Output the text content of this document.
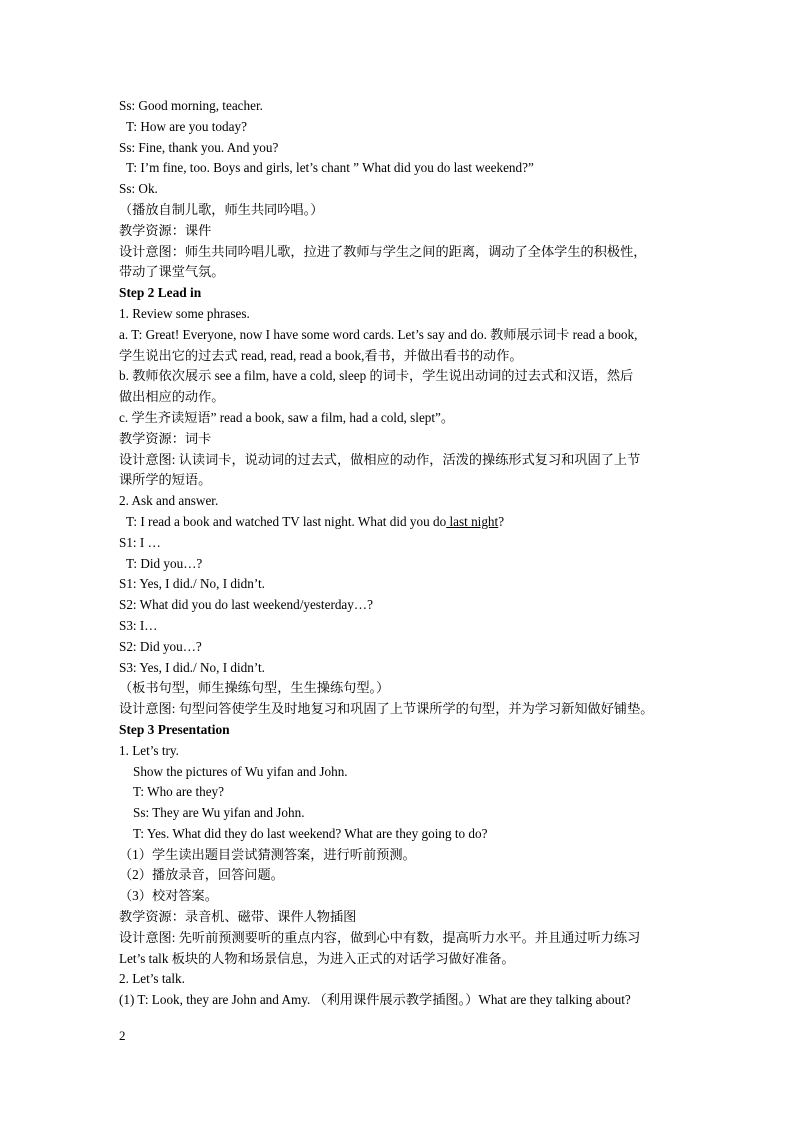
Ss: Good morning, teacher.
T: How are you today?
Ss: Fine, thank you. And you?
T: I’m fine, too. Boys and girls, let’s chant ” What did you do last weekend?”
Ss: Ok.
（播放自制儿歌，师生共同吟唱。）
教学资源：课件
设计意图：师生共同吟唱儿歌，拉进了教师与学生之间的距离，调动了全体学生的积极性，
带动了课堂气氛。
Step 2 Lead in
1. Review some phrases.
a. T: Great! Everyone, now I have some word cards. Let’s say and do. 教师展示词卡 read a book,
学生说出它的过去式 read, read, read a book,看书，并做出看书的动作。
b. 教师依次展示 see a film, have a cold, sleep 的词卡，学生说出动词的过去式和汉语，然后
做出相应的动作。
c. 学生齐读短语” read a book, saw a film, had a cold, slept”。
教学资源：词卡
设计意图: 认读词卡，说动词的过去式，做相应的动作，活泼的操练形式复习和巩固了上节
课所学的短语。
2. Ask and answer.
T: I read a book and watched TV last night. What did you do last night?
S1: I …
T: Did you…?
S1: Yes, I did./ No, I didn’t.
S2: What did you do last weekend/yesterday…?
S3: I…
S2: Did you…?
S3: Yes, I did./ No, I didn’t.
（板书句型，师生操练句型，生生操练句型。）
设计意图: 句型问答使学生及时地复习和巩固了上节课所学的句型，并为学习新知做好铺垫。
Step 3 Presentation
1. Let’s try.
Show the pictures of Wu yifan and John.
T: Who are they?
Ss: They are Wu yifan and John.
T: Yes. What did they do last weekend? What are they going to do?
（1）学生读出题目尝试猜测答案，进行听前预测。
（2）播放录音，回答问题。
（3）校对答案。
教学资源：录音机、磁带、课件人物插图
设计意图: 先听前预测要听的重点内容，做到心中有数，提高听力水平。并且通过听力练习
Let’s talk 板块的人物和场景信息，为进入正式的对话学习做好准备。
2. Let’s talk.
(1) T: Look, they are John and Amy. （利用课件展示教学插图。）What are they talking about?
2
